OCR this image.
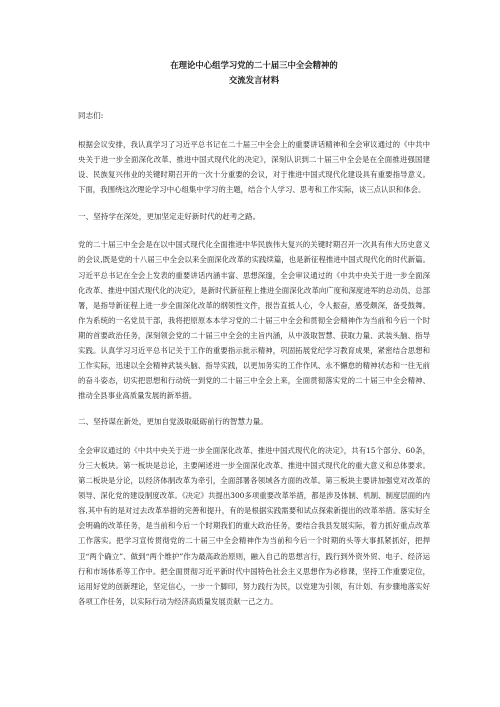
在理论中心组学习党的二十届三中全会精神的

交流发言材料

同志们:

根据会议安排，我认真学习了习近平总书记在二十届三中全会上的重要讲话精神和全会审议通过的《中共中央关于进一步全面深化改革、推进中国式现代化的决定》，深刻认识到二十届三中全会是在全面推进强国建设、民族复兴伟业的关键时期召开的一次十分重要的会议，对于推进中国式现代化建设具有重要指导意义。下面，我围绕这次理论学习中心组集中学习的主题，结合个人学习、思考和工作实际，谈三点认识和体会。

一、坚持学在深处，更加坚定走好新时代的赶考之路。

党的二十届三中全会是在以中国式现代化全面推进中华民族伟大复兴的关键时期召开一次具有伟大历史意义的会议,既是党的十八届三中全会以来全面深化改革的实践续篇，也是新征程推进中国式现代化的时代新篇。习近平总书记在全会上发表的重要讲话内涵丰富、思想深邃，全会审议通过的《中共中央关于进一步全面深化改革、推进中国式现代化的决定》，是新时代新征程上推进全面深化改革向广度和深度进军的总动员、总部署，是指导新征程上进一步全面深化改革的纲领性文件，报告直抵人心，令人振奋，感受颇深，备受鼓舞。作为系统的一名党员干部，我将把原原本本学习党的二十届三中全会和贯彻全会精神作为当前和今后一个时期的首要政治任务，深刻领会党的二十届三中全会的主旨内涵，从中汲取智慧、获取力量、武装头脑、指导实践。认真学习习近平总书记关于工作的重要指示批示精神，巩固拓展党纪学习教育成果，紧密结合思想和工作实际，迅速以全会精神武装头脑、指导实践，以更加务实的工作作风、永不懈怠的精神状态和一往无前的奋斗姿态，切实把思想和行动统一到党的二十届三中全会上来，全面贯彻落实党的二十届三中全会精神、推动全县事业高质量发展的新举措。

二、坚持谋在新处，更加自觉汲取砥砺前行的智慧力量。

全会审议通过的《中共中央关于进一步全面深化改革、推进中国式现代化的决定》，共有15个部分、60条，分三大板块。第一板块是总论，主要阐述进一步全面深化改革、推进中国式现代化的重大意义和总体要求。第二板块是分论，以经济体制改革为牵引，全面部署各领域各方面的改革。第三板块主要讲加强党对改革的领导、深化党的建设制度改革。《决定》共提出300多项重要改革举措，都是涉及体制、机制、制度层面的内容,其中有的是对过去改革举措的完善和提升，有的是根据实践需要和试点探索新提出的改革举措。落实好全会明确的改革任务，是当前和今后一个时期我们的重大政治任务，要结合我县发展实际，着力抓好重点改革工作落实。把学习宣传贯彻党的二十届三中全会精神作为当前和今后一个时期的头等大事抓紧抓好，把捍卫“两个确立”、做到“两个维护”作为最高政治原则，融入自己的思想言行，践行到外资外贸、电子、经济运行和市场体系等工作中。把全面贯彻习近平新时代中国特色社会主义思想作为必修课，坚持工作重要定位，运用好党的创新理论，坚定信心，一步一个脚印，努力践行为民，以党建为引领，有计划、有步骤地落实好各项工作任务，以实际行动为经济高质量发展贡献一己之力。
